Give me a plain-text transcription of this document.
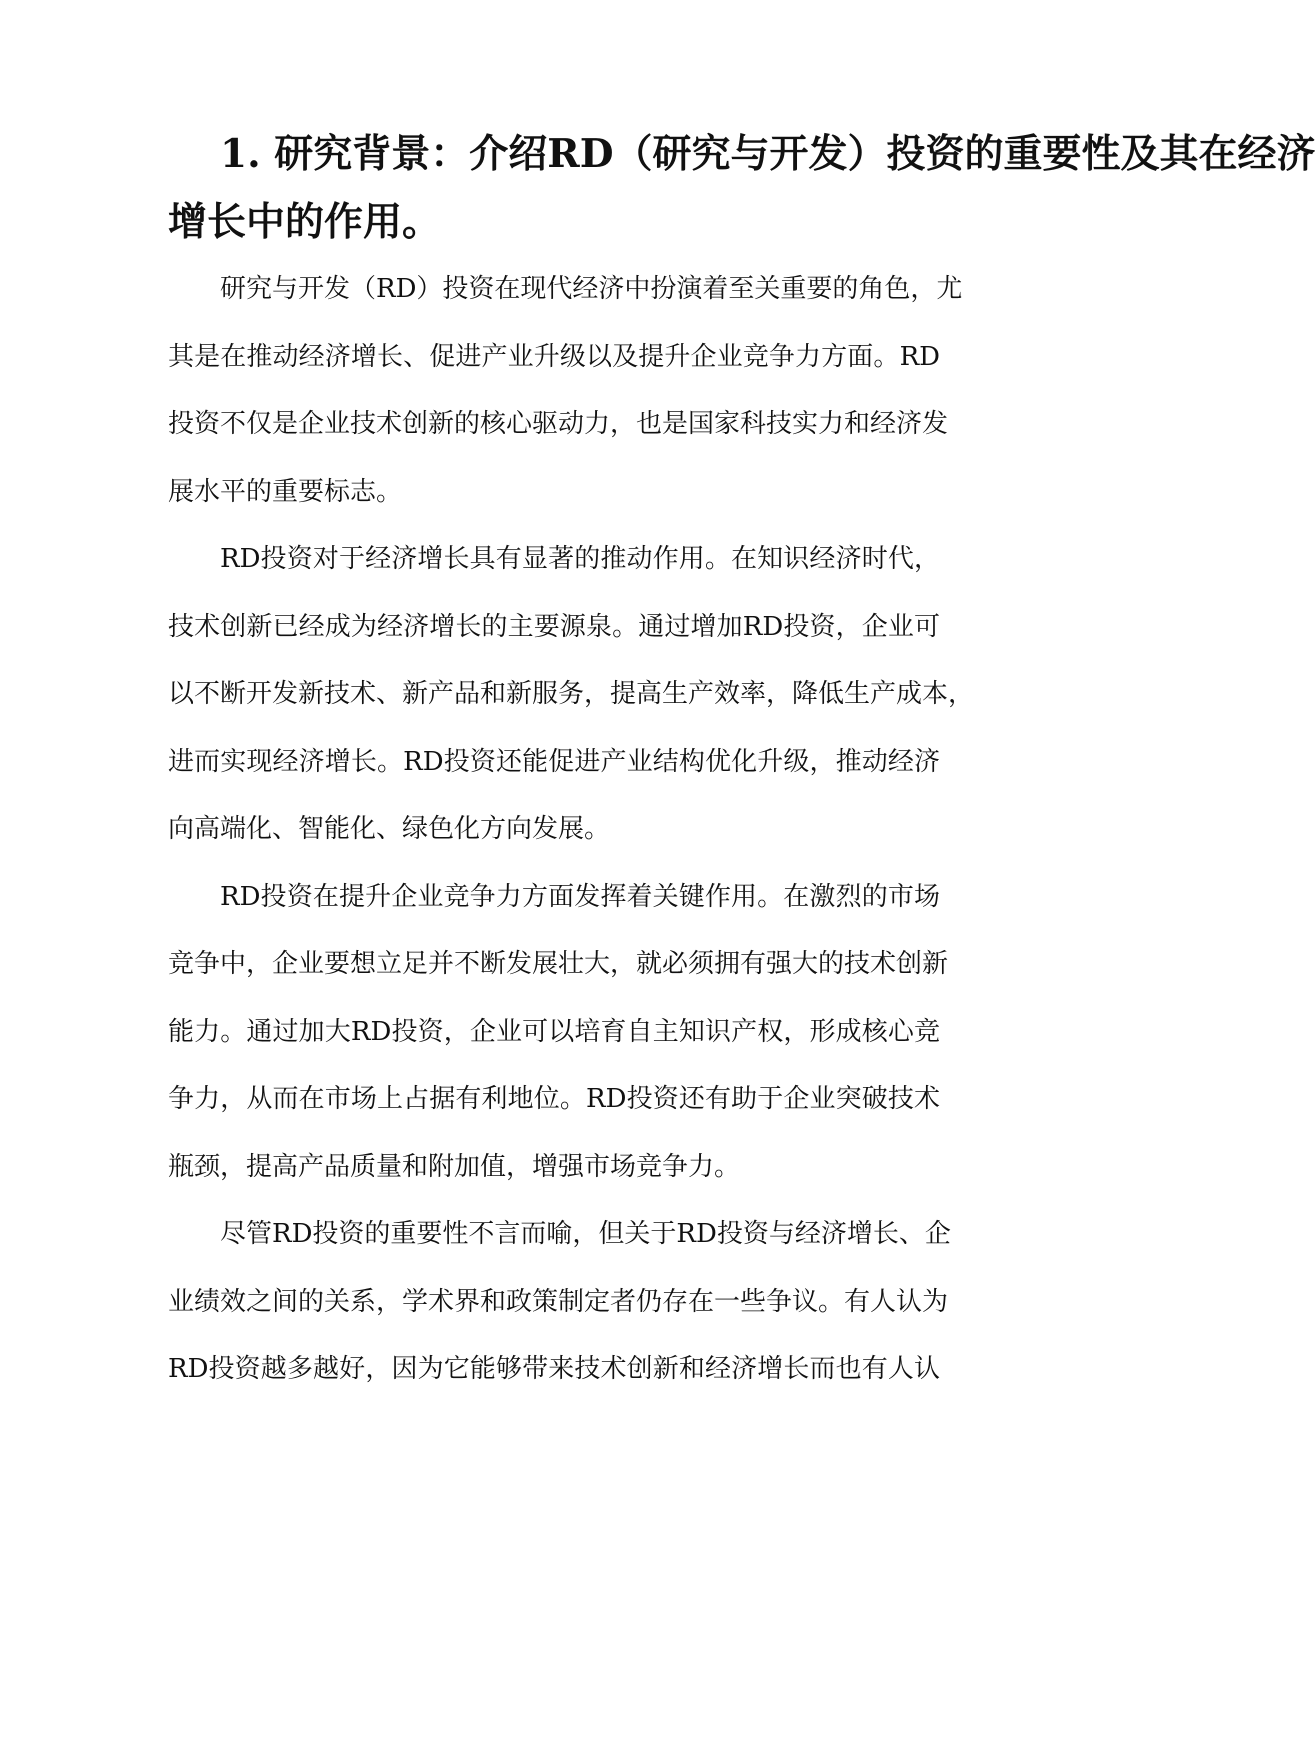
1. 研究背景：介绍RD（研究与开发）投资的重要性及其在经济
增长中的作用。

研究与开发（RD）投资在现代经济中扮演着至关重要的角色，尤
其是在推动经济增长、促进产业升级以及提升企业竞争力方面。RD
投资不仅是企业技术创新的核心驱动力，也是国家科技实力和经济发
展水平的重要标志。

RD投资对于经济增长具有显著的推动作用。在知识经济时代，
技术创新已经成为经济增长的主要源泉。通过增加RD投资，企业可
以不断开发新技术、新产品和新服务，提高生产效率，降低生产成本，
进而实现经济增长。RD投资还能促进产业结构优化升级，推动经济
向高端化、智能化、绿色化方向发展。

RD投资在提升企业竞争力方面发挥着关键作用。在激烈的市场
竞争中，企业要想立足并不断发展壮大，就必须拥有强大的技术创新
能力。通过加大RD投资，企业可以培育自主知识产权，形成核心竞
争力，从而在市场上占据有利地位。RD投资还有助于企业突破技术
瓶颈，提高产品质量和附加值，增强市场竞争力。

尽管RD投资的重要性不言而喻，但关于RD投资与经济增长、企
业绩效之间的关系，学术界和政策制定者仍存在一些争议。有人认为
RD投资越多越好，因为它能够带来技术创新和经济增长而也有人认
